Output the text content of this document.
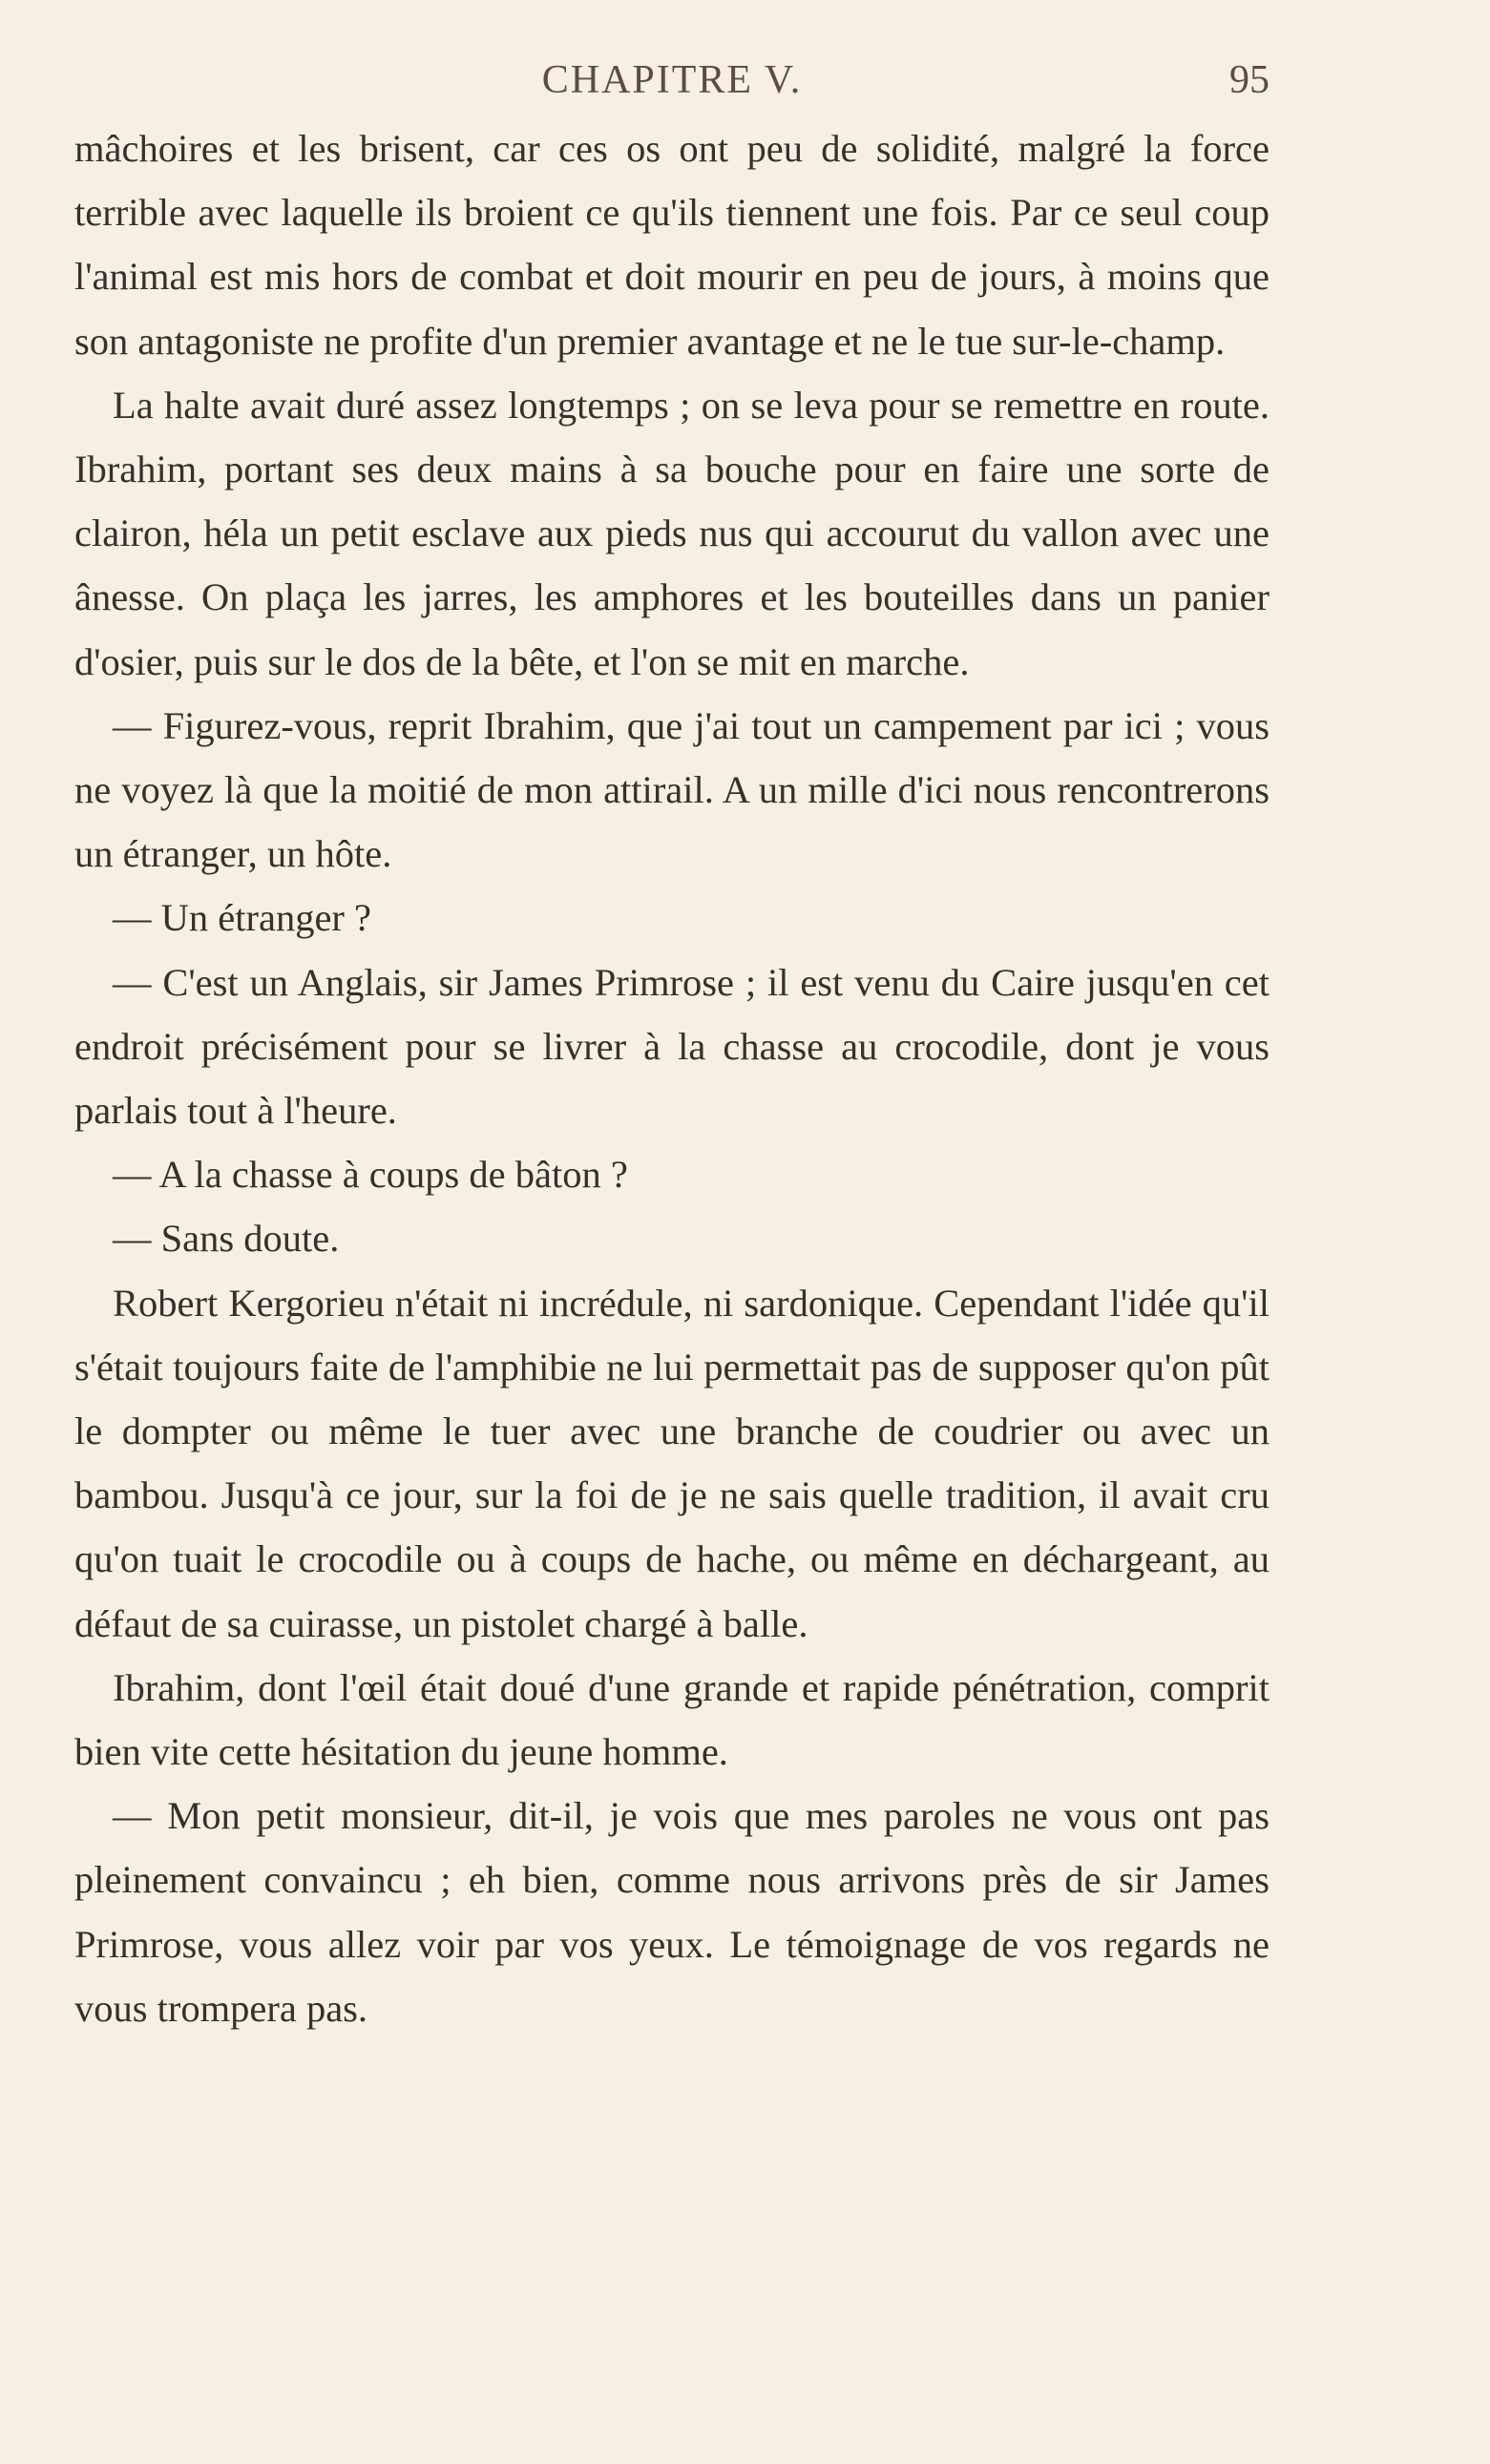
CHAPITRE V.	95

mâchoires et les brisent, car ces os ont peu de solidité, malgré la force terrible avec laquelle ils broient ce qu'ils tiennent une fois. Par ce seul coup l'animal est mis hors de combat et doit mourir en peu de jours, à moins que son antagoniste ne profite d'un premier avantage et ne le tue sur-le-champ.

La halte avait duré assez longtemps ; on se leva pour se remettre en route. Ibrahim, portant ses deux mains à sa bouche pour en faire une sorte de clairon, héla un petit esclave aux pieds nus qui accourut du vallon avec une ânesse. On plaça les jarres, les amphores et les bouteilles dans un panier d'osier, puis sur le dos de la bête, et l'on se mit en marche.

— Figurez-vous, reprit Ibrahim, que j'ai tout un campement par ici ; vous ne voyez là que la moitié de mon attirail. A un mille d'ici nous rencontrerons un étranger, un hôte.

— Un étranger ?

— C'est un Anglais, sir James Primrose ; il est venu du Caire jusqu'en cet endroit précisément pour se livrer à la chasse au crocodile, dont je vous parlais tout à l'heure.

— A la chasse à coups de bâton ?

— Sans doute.

Robert Kergorieu n'était ni incrédule, ni sardonique. Cependant l'idée qu'il s'était toujours faite de l'amphibie ne lui permettait pas de supposer qu'on pût le dompter ou même le tuer avec une branche de coudrier ou avec un bambou. Jusqu'à ce jour, sur la foi de je ne sais quelle tradition, il avait cru qu'on tuait le crocodile ou à coups de hache, ou même en déchargeant, au défaut de sa cuirasse, un pistolet chargé à balle.

Ibrahim, dont l'œil était doué d'une grande et rapide pénétration, comprit bien vite cette hésitation du jeune homme.

— Mon petit monsieur, dit-il, je vois que mes paroles ne vous ont pas pleinement convaincu ; eh bien, comme nous arrivons près de sir James Primrose, vous allez voir par vos yeux. Le témoignage de vos regards ne vous trompera pas.
